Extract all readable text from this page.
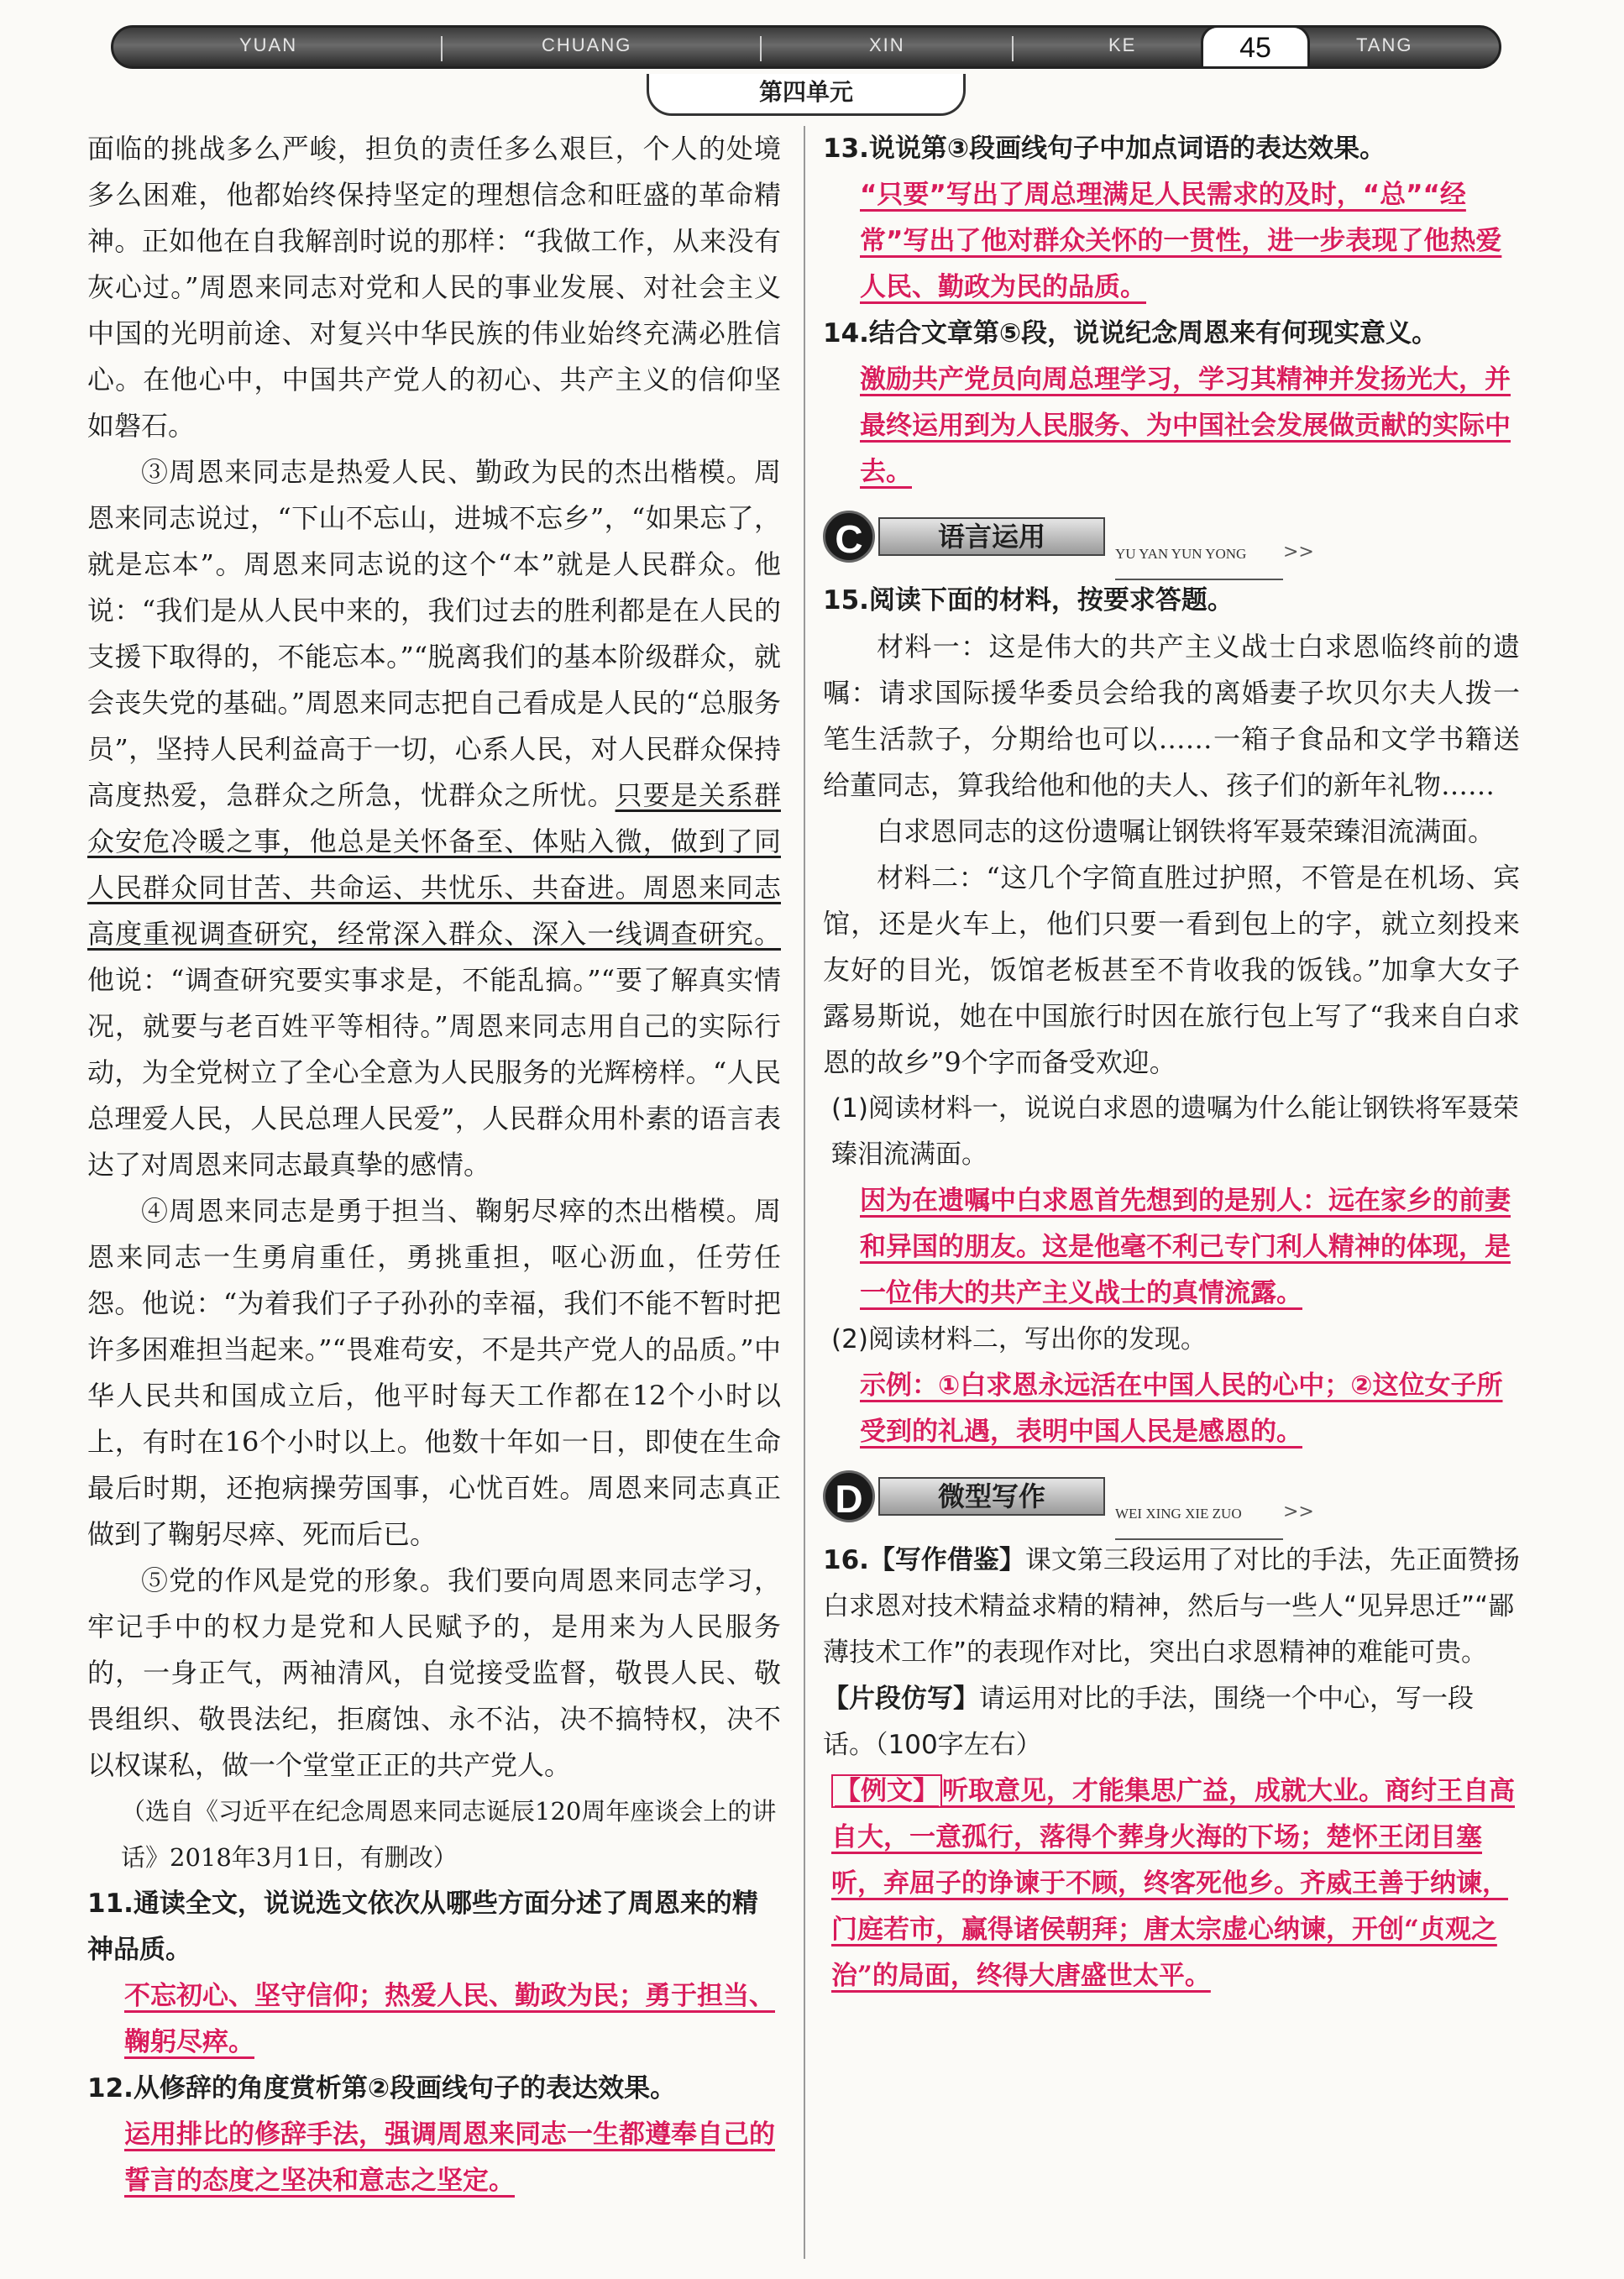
YUAN	CHUANG	XIN	KE	TANG
45
第四单元

面临的挑战多么严峻，担负的责任多么艰巨，个人的处境多么困难，他都始终保持坚定的理想信念和旺盛的革命精神。正如他在自我解剖时说的那样：“我做工作，从来没有灰心过。”周恩来同志对党和人民的事业发展、对社会主义中国的光明前途、对复兴中华民族的伟业始终充满必胜信心。在他心中，中国共产党人的初心、共产主义的信仰坚如磐石。

③周恩来同志是热爱人民、勤政为民的杰出楷模。周恩来同志说过，“下山不忘山，进城不忘乡”，“如果忘了，就是忘本”。周恩来同志说的这个“本”就是人民群众。他说：“我们是从人民中来的，我们过去的胜利都是在人民的支援下取得的，不能忘本。”“脱离我们的基本阶级群众，就会丧失党的基础。”周恩来同志把自己看成是人民的“总服务员”，坚持人民利益高于一切，心系人民，对人民群众保持高度热爱，急群众之所急，忧群众之所忧。只要是关系群众安危冷暖之事，他总是关怀备至、体贴入微，做到了同人民群众同甘苦、共命运、共忧乐、共奋进。周恩来同志高度重视调查研究，经常深入群众、深入一线调查研究。他说：“调查研究要实事求是，不能乱搞。”“要了解真实情况，就要与老百姓平等相待。”周恩来同志用自己的实际行动，为全党树立了全心全意为人民服务的光辉榜样。“人民总理爱人民，人民总理人民爱”，人民群众用朴素的语言表达了对周恩来同志最真挚的感情。

④周恩来同志是勇于担当、鞠躬尽瘁的杰出楷模。周恩来同志一生勇肩重任，勇挑重担，呕心沥血，任劳任怨。他说：“为着我们子子孙孙的幸福，我们不能不暂时把许多困难担当起来。”“畏难苟安，不是共产党人的品质。”中华人民共和国成立后，他平时每天工作都在12个小时以上，有时在16个小时以上。他数十年如一日，即使在生命最后时期，还抱病操劳国事，心忧百姓。周恩来同志真正做到了鞠躬尽瘁、死而后已。

⑤党的作风是党的形象。我们要向周恩来同志学习，牢记手中的权力是党和人民赋予的，是用来为人民服务的，一身正气，两袖清风，自觉接受监督，敬畏人民、敬畏组织、敬畏法纪，拒腐蚀、永不沾，决不搞特权，决不以权谋私，做一个堂堂正正的共产党人。

（选自《习近平在纪念周恩来同志诞辰120周年座谈会上的讲话》2018年3月1日，有删改）

11.通读全文，说说选文依次从哪些方面分述了周恩来的精神品质。

不忘初心、坚守信仰；热爱人民、勤政为民；勇于担当、鞠躬尽瘁。

12.从修辞的角度赏析第②段画线句子的表达效果。

运用排比的修辞手法，强调周恩来同志一生都遵奉自己的誓言的态度之坚决和意志之坚定。

13.说说第③段画线句子中加点词语的表达效果。

“只要”写出了周总理满足人民需求的及时，“总”“经常”写出了他对群众关怀的一贯性，进一步表现了他热爱人民、勤政为民的品质。

14.结合文章第⑤段，说说纪念周恩来有何现实意义。

激励共产党员向周总理学习，学习其精神并发扬光大，并最终运用到为人民服务、为中国社会发展做贡献的实际中去。

C	语言运用
YU YAN YUN YONG	>>

15.阅读下面的材料，按要求答题。

材料一：这是伟大的共产主义战士白求恩临终前的遗嘱：请求国际援华委员会给我的离婚妻子坎贝尔夫人拨一笔生活款子，分期给也可以……一箱子食品和文学书籍送给董同志，算我给他和他的夫人、孩子们的新年礼物……

白求恩同志的这份遗嘱让钢铁将军聂荣臻泪流满面。

材料二：“这几个字简直胜过护照，不管是在机场、宾馆，还是火车上，他们只要一看到包上的字，就立刻投来友好的目光，饭馆老板甚至不肯收我的饭钱。”加拿大女子露易斯说，她在中国旅行时因在旅行包上写了“我来自白求恩的故乡”9个字而备受欢迎。

(1)阅读材料一，说说白求恩的遗嘱为什么能让钢铁将军聂荣臻泪流满面。

因为在遗嘱中白求恩首先想到的是别人：远在家乡的前妻和异国的朋友。这是他毫不利己专门利人精神的体现，是一位伟大的共产主义战士的真情流露。

(2)阅读材料二，写出你的发现。

示例：①白求恩永远活在中国人民的心中；②这位女子所受到的礼遇，表明中国人民是感恩的。

D	微型写作
WEI XING XIE ZUO	>>

16.【写作借鉴】课文第三段运用了对比的手法，先正面赞扬白求恩对技术精益求精的精神，然后与一些人“见异思迁”“鄙薄技术工作”的表现作对比，突出白求恩精神的难能可贵。

【片段仿写】请运用对比的手法，围绕一个中心，写一段话。（100字左右）

【例文】 听取意见，才能集思广益，成就大业。商纣王自高自大，一意孤行，落得个葬身火海的下场；楚怀王闭目塞听，弃屈子的诤谏于不顾，终客死他乡。齐威王善于纳谏，门庭若市，赢得诸侯朝拜；唐太宗虚心纳谏，开创“贞观之治”的局面，终得大唐盛世太平。
